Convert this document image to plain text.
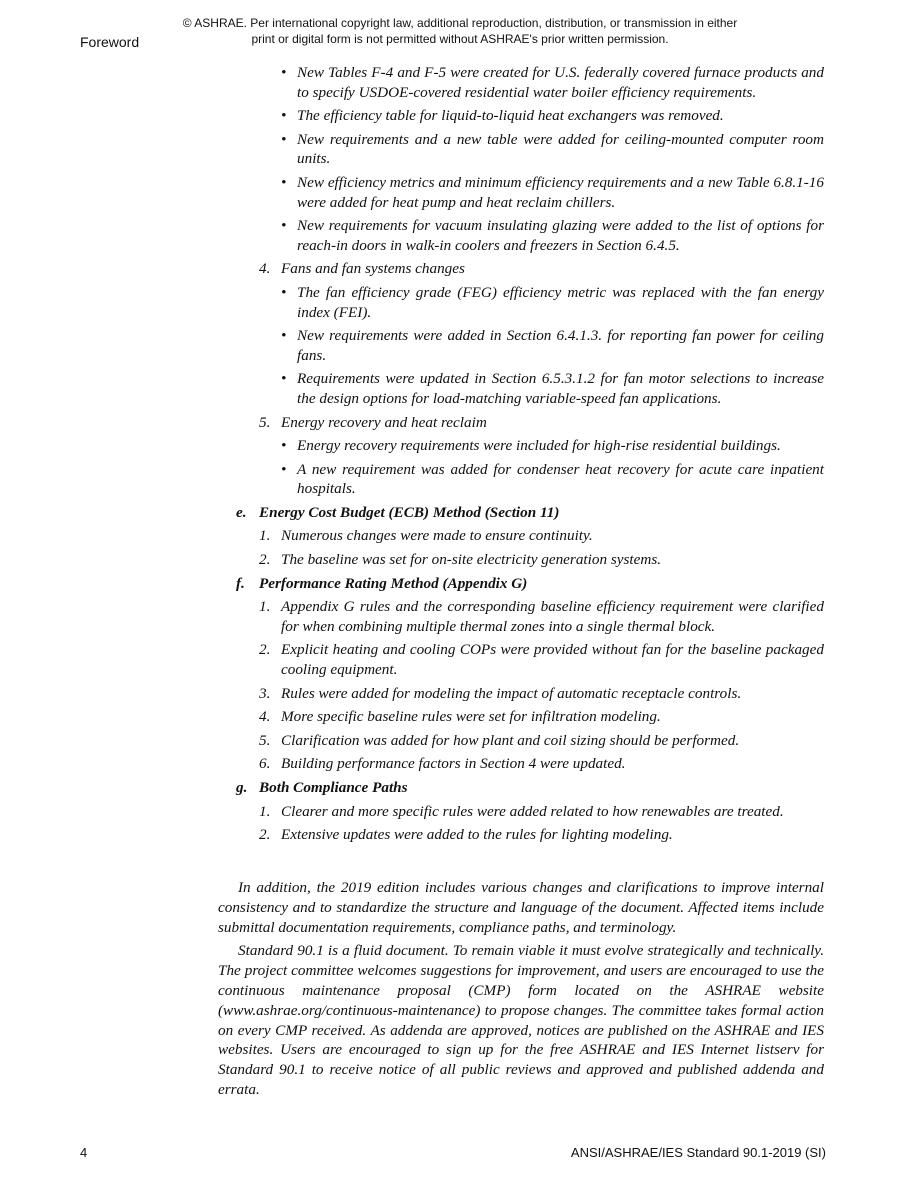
© ASHRAE. Per international copyright law, additional reproduction, distribution, or transmission in either
print or digital form is not permitted without ASHRAE's prior written permission.
Foreword
• New Tables F-4 and F-5 were created for U.S. federally covered furnace products and to specify USDOE-covered residential water boiler efficiency requirements.
• The efficiency table for liquid-to-liquid heat exchangers was removed.
• New requirements and a new table were added for ceiling-mounted computer room units.
• New efficiency metrics and minimum efficiency requirements and a new Table 6.8.1-16 were added for heat pump and heat reclaim chillers.
• New requirements for vacuum insulating glazing were added to the list of options for reach-in doors in walk-in coolers and freezers in Section 6.4.5.
4. Fans and fan systems changes
• The fan efficiency grade (FEG) efficiency metric was replaced with the fan energy index (FEI).
• New requirements were added in Section 6.4.1.3. for reporting fan power for ceiling fans.
• Requirements were updated in Section 6.5.3.1.2 for fan motor selections to increase the design options for load-matching variable-speed fan applications.
5. Energy recovery and heat reclaim
• Energy recovery requirements were included for high-rise residential buildings.
• A new requirement was added for condenser heat recovery for acute care inpatient hospitals.
e. Energy Cost Budget (ECB) Method (Section 11)
1. Numerous changes were made to ensure continuity.
2. The baseline was set for on-site electricity generation systems.
f. Performance Rating Method (Appendix G)
1. Appendix G rules and the corresponding baseline efficiency requirement were clarified for when combining multiple thermal zones into a single thermal block.
2. Explicit heating and cooling COPs were provided without fan for the baseline packaged cooling equipment.
3. Rules were added for modeling the impact of automatic receptacle controls.
4. More specific baseline rules were set for infiltration modeling.
5. Clarification was added for how plant and coil sizing should be performed.
6. Building performance factors in Section 4 were updated.
g. Both Compliance Paths
1. Clearer and more specific rules were added related to how renewables are treated.
2. Extensive updates were added to the rules for lighting modeling.

In addition, the 2019 edition includes various changes and clarifications to improve internal consistency and to standardize the structure and language of the document. Affected items include submittal documentation requirements, compliance paths, and terminology.

Standard 90.1 is a fluid document. To remain viable it must evolve strategically and technically. The project committee welcomes suggestions for improvement, and users are encouraged to use the continuous maintenance proposal (CMP) form located on the ASHRAE website (www.ashrae.org/continuous-maintenance) to propose changes. The committee takes formal action on every CMP received. As addenda are approved, notices are published on the ASHRAE and IES websites. Users are encouraged to sign up for the free ASHRAE and IES Internet listserv for Standard 90.1 to receive notice of all public reviews and approved and published addenda and errata.

4	ANSI/ASHRAE/IES Standard 90.1-2019 (SI)
